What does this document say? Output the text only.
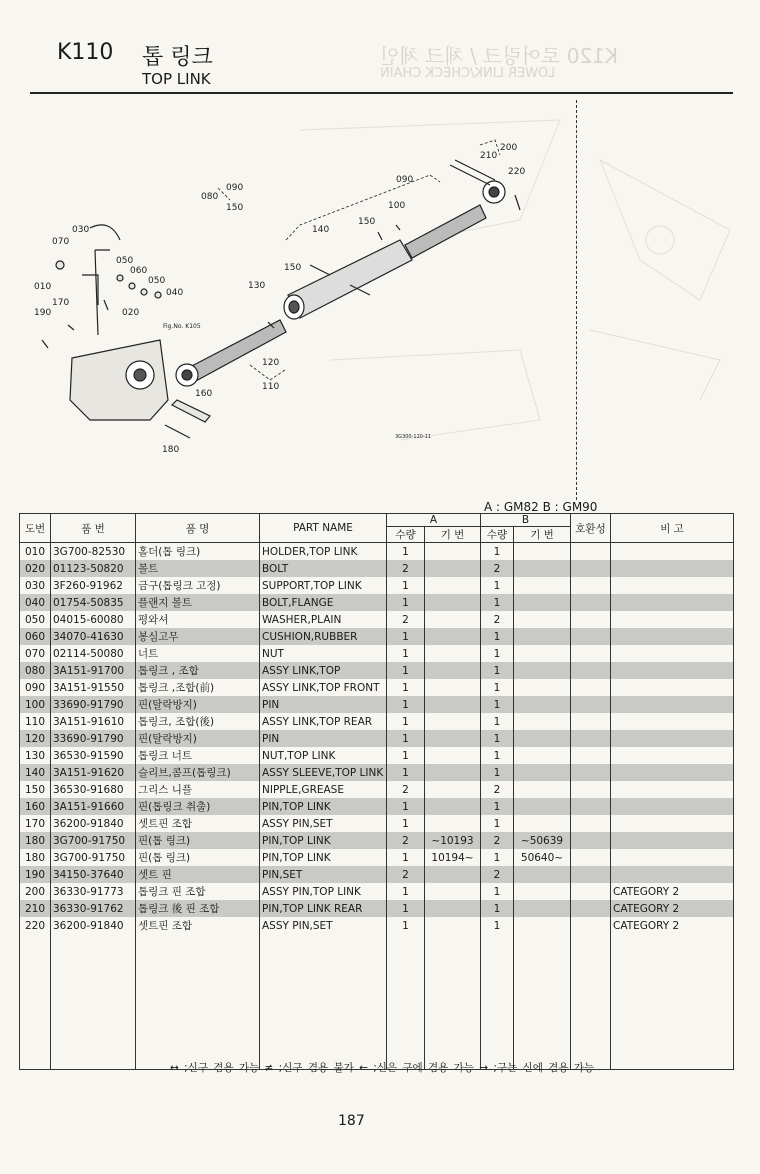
K110 톱 링크
TOP LINK
K120 로어링크 / 체크 체인
LOWER LINK/CHECK CHAIN
200
210
220
090
100
080
090
150
140
150
150
070
030
050
060
050
040
010
170
190	020
130
120
110
160
180
Fig.No. K105
3G300-120-11
A : GM82 B : GM90
도번	품 번	품 명	PART NAME	A		B		호환성	비 고
				수량	기 번	수량	기 번		
010	3G700-82530	홀더(톱 링크)	HOLDER,TOP LINK	1		1			
020	01123-50820	볼트	BOLT	2		2			
030	3F260-91962	금구(톱링크 고정)	SUPPORT,TOP LINK	1		1			
040	01754-50835	플랜지 볼트	BOLT,FLANGE	1		1			
050	04015-60080	평와셔	WASHER,PLAIN	2		2			
060	34070-41630	봉심고무	CUSHION,RUBBER	1		1			
070	02114-50080	너트	NUT	1		1			
080	3A151-91700	톱링크 , 조합	ASSY LINK,TOP	1		1			
090	3A151-91550	톱링크 ,조합(前)	ASSY LINK,TOP FRONT	1		1			
100	33690-91790	핀(탈락방지)	PIN	1		1			
110	3A151-91610	톱링크, 조합(後)	ASSY LINK,TOP REAR	1		1			
120	33690-91790	핀(탈락방지)	PIN	1		1			
130	36530-91590	톱링크 너트	NUT,TOP LINK	1		1			
140	3A151-91620	슬리브,콤프(톱링크)	ASSY SLEEVE,TOP LINK	1		1			
150	36530-91680	그리스 니플	NIPPLE,GREASE	2		2			
160	3A151-91660	핀(톱링크 취출)	PIN,TOP LINK	1		1			
170	36200-91840	셋트핀 조합	ASSY PIN,SET	1		1			
180	3G700-91750	핀(톱 링크)	PIN,TOP LINK	2	~10193	2	~50639		
180	3G700-91750	핀(톱 링크)	PIN,TOP LINK	1	10194~	1	50640~		
190	34150-37640	셋트 핀	PIN,SET	2		2			
200	36330-91773	톱링크 핀 조합	ASSY PIN,TOP LINK	1		1			CATEGORY 2
210	36330-91762	톱링크 後 핀 조합	PIN,TOP LINK REAR	1		1			CATEGORY 2
220	36200-91840	셋트핀 조합	ASSY PIN,SET	1		1			CATEGORY 2

↔ ;신구 겸용 가능 ≠ ;신구 겸용 불가 ← ;신은 구에 겸용 가능 → ;구는 신에 겸용 가능
187
